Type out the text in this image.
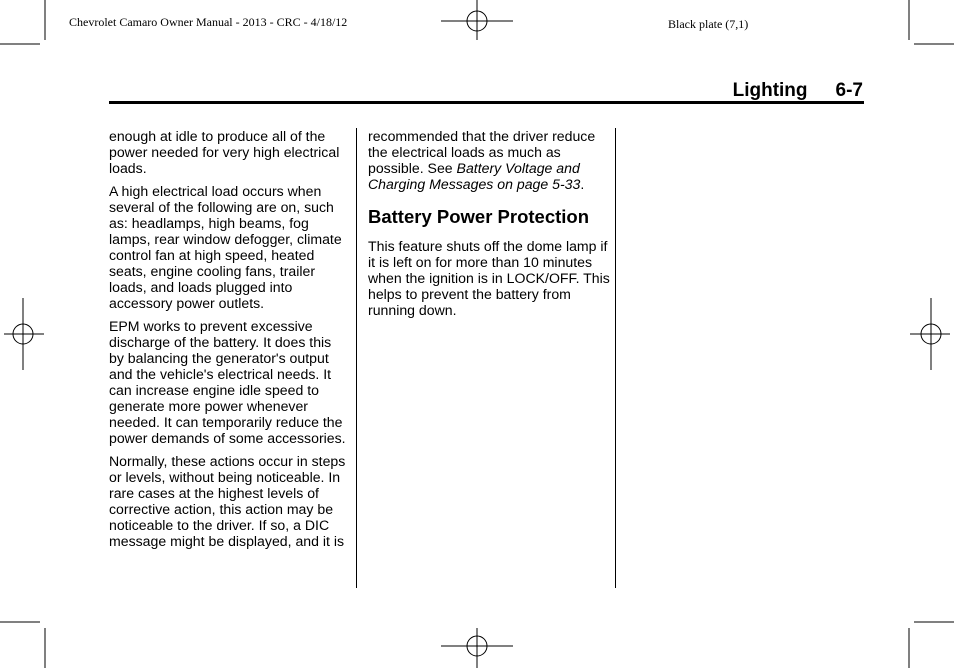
Chevrolet Camaro Owner Manual - 2013 - CRC - 4/18/12	Black plate (7,1)
Lighting 6-7

enough at idle to produce all of the power needed for very high electrical loads.

A high electrical load occurs when several of the following are on, such as: headlamps, high beams, fog lamps, rear window defogger, climate control fan at high speed, heated seats, engine cooling fans, trailer loads, and loads plugged into accessory power outlets.

EPM works to prevent excessive discharge of the battery. It does this by balancing the generator's output and the vehicle's electrical needs. It can increase engine idle speed to generate more power whenever needed. It can temporarily reduce the power demands of some accessories.

Normally, these actions occur in steps or levels, without being noticeable. In rare cases at the highest levels of corrective action, this action may be noticeable to the driver. If so, a DIC message might be displayed, and it is

recommended that the driver reduce the electrical loads as much as possible. See Battery Voltage and Charging Messages on page 5-33.

Battery Power Protection

This feature shuts off the dome lamp if it is left on for more than 10 minutes when the ignition is in LOCK/OFF. This helps to prevent the battery from running down.
